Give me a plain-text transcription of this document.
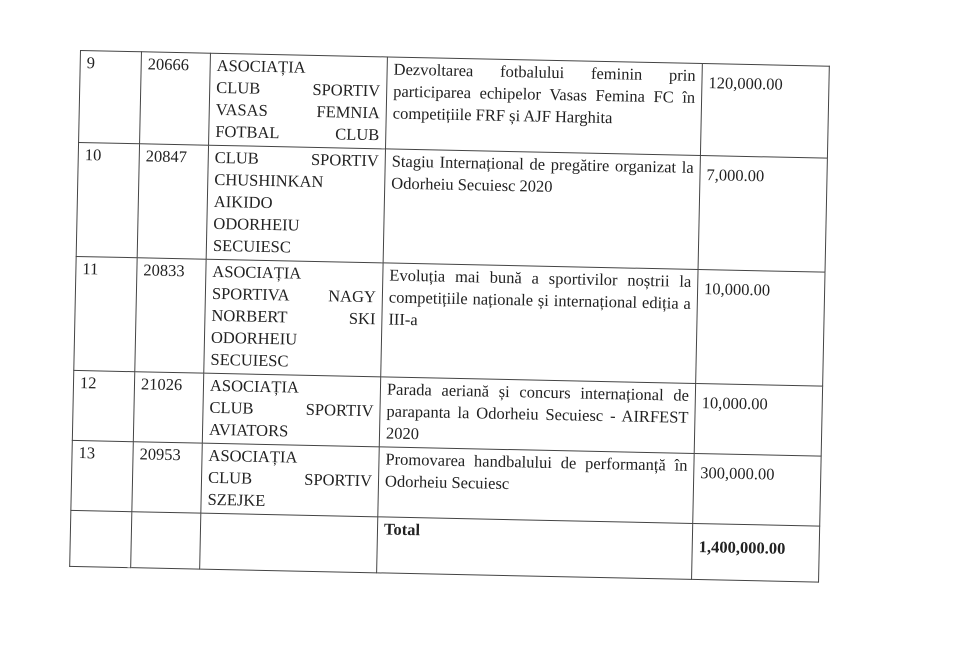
9	20666	ASOCIAȚIA
CLUB SPORTIV
VASAS FEMNIA
FOTBAL CLUB	Dezvoltarea fotbalului feminin prin participarea echipelor Vasas Femina FC în competițiile FRF și AJF Harghita	120,000.00
10	20847	CLUB SPORTIV
CHUSHINKAN
AIKIDO
ODORHEIU
SECUIESC	Stagiu Internațional de pregătire organizat la Odorheiu Secuiesc 2020	7,000.00
11	20833	ASOCIAȚIA
SPORTIVA NAGY
NORBERT SKI
ODORHEIU
SECUIESC	Evoluția mai bună a sportivilor noștrii la competițiile naționale și internațional ediția a III-a	10,000.00
12	21026	ASOCIAȚIA
CLUB SPORTIV
AVIATORS	Parada aeriană și concurs internațional de parapanta la Odorheiu Secuiesc - AIRFEST 2020	10,000.00
13	20953	ASOCIAȚIA
CLUB SPORTIV
SZEJKE	Promovarea handbalului de performanță în Odorheiu Secuiesc	300,000.00
			Total	1,400,000.00
